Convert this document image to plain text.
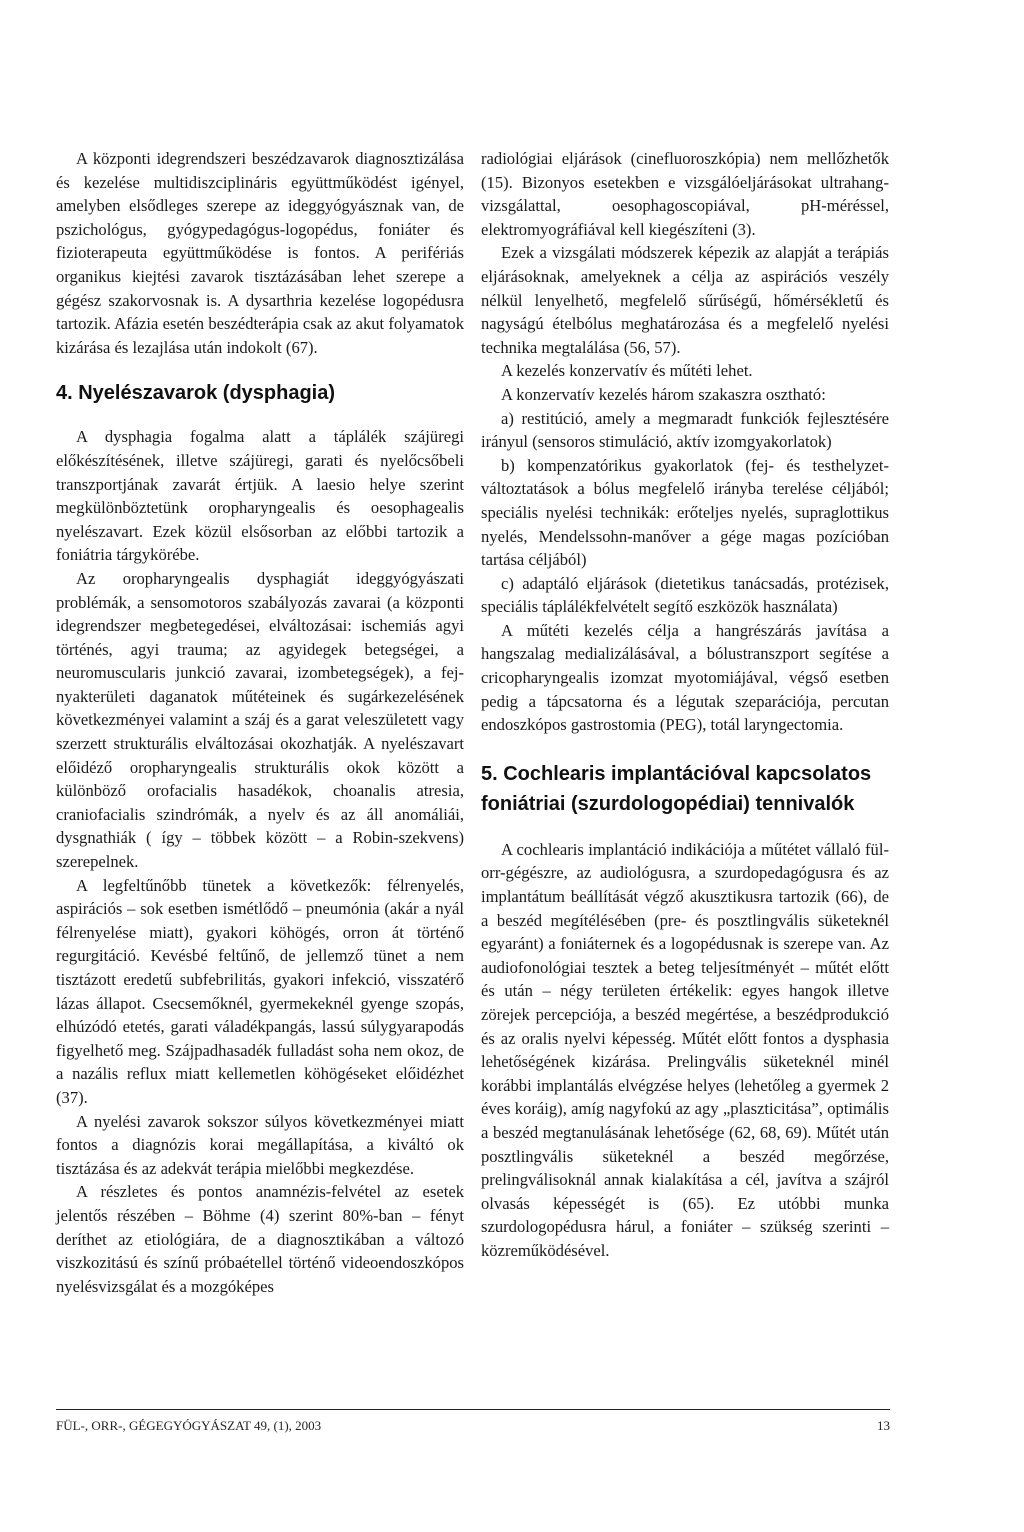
A központi idegrendszeri beszédzavarok diagnosztizálása és kezelése multidiszciplináris együttműködést igényel, amelyben elsődleges szerepe az ideggyógyásznak van, de pszichológus, gyógypedagógus-logopédus, foniáter és fizioterapeuta együttműködése is fontos. A perifériás organikus kiejtési zavarok tisztázásában lehet szerepe a gégész szakorvosnak is. A dysarthria kezelése logopédusra tartozik. Afázia esetén beszédterápia csak az akut folyamatok kizárása és lezajlása után indokolt (67).

4. Nyelészavarok (dysphagia)

A dysphagia fogalma alatt a táplálék szájüregi előkészítésének, illetve szájüregi, garati és nyelőcsőbeli transzportjának zavarát értjük. A laesio helye szerint megkülönböztetünk oropharyngealis és oesophagealis nyelészavart. Ezek közül elsősorban az előbbi tartozik a foniátria tárgykörébe.

Az oropharyngealis dysphagiát ideggyógyászati problémák, a sensomotoros szabályozás zavarai (a központi idegrendszer megbetegedései, elváltozásai: ischemiás agyi történés, agyi trauma; az agyidegek betegségei, a neuromuscularis junkció zavarai, izombetegségek), a fej-nyakterületi daganatok műtéteinek és sugárkezelésének következményei valamint a száj és a garat veleszületett vagy szerzett strukturális elváltozásai okozhatják. A nyelészavart előidéző oropharyngealis strukturális okok között a különböző orofacialis hasadékok, choanalis atresia, craniofacialis szindrómák, a nyelv és az áll anomáliái, dysgnathiák ( így – többek között – a Robin-szekvens) szerepelnek.

A legfeltűnőbb tünetek a következők: félrenyelés, aspirációs – sok esetben ismétlődő – pneumónia (akár a nyál félrenyelése miatt), gyakori köhögés, orron át történő regurgitáció. Kevésbé feltűnő, de jellemző tünet a nem tisztázott eredetű subfebrilitás, gyakori infekció, visszatérő lázas állapot. Csecsemőknél, gyermekeknél gyenge szopás, elhúzódó etetés, garati váladékpangás, lassú súlygyarapodás figyelhető meg. Szájpadhasadék fulladást soha nem okoz, de a nazális reflux miatt kellemetlen köhögéseket előidézhet (37).

A nyelési zavarok sokszor súlyos következményei miatt fontos a diagnózis korai megállapítása, a kiváltó ok tisztázása és az adekvát terápia mielőbbi megkezdése.

A részletes és pontos anamnézis-felvétel az esetek jelentős részében – Böhme (4) szerint 80%-ban – fényt deríthet az etiológiára, de a diagnosztikában a változó viszkozitású és színű próbaétellel történő videoendoszkópos nyelésvizsgálat és a mozgóképes

radiológiai eljárások (cinefluoroszkópia) nem mellőzhetők (15). Bizonyos esetekben e vizsgálóeljárásokat ultrahang-vizsgálattal, oesophagoscopiával, pH-méréssel, elektromyográfiával kell kiegészíteni (3).

Ezek a vizsgálati módszerek képezik az alapját a terápiás eljárásoknak, amelyeknek a célja az aspirációs veszély nélkül lenyelhető, megfelelő sűrűségű, hőmérsékletű és nagyságú ételbólus meghatározása és a megfelelő nyelési technika megtalálása (56, 57).

A kezelés konzervatív és műtéti lehet.

A konzervatív kezelés három szakaszra osztható:

a) restitúció, amely a megmaradt funkciók fejlesztésére irányul (sensoros stimuláció, aktív izomgyakorlatok)

b) kompenzatórikus gyakorlatok (fej- és testhelyzet-változtatások a bólus megfelelő irányba terelése céljából; speciális nyelési technikák: erőteljes nyelés, supraglottikus nyelés, Mendelssohn-manőver a gége magas pozícióban tartása céljából)

c) adaptáló eljárások (dietetikus tanácsadás, protézisek, speciális táplálékfelvételt segítő eszközök használata)

A műtéti kezelés célja a hangrészárás javítása a hangszalag medializálásával, a bólustranszport segítése a cricopharyngealis izomzat myotomiájával, végső esetben pedig a tápcsatorna és a légutak szeparációja, percutan endoszkópos gastrostomia (PEG), totál laryngectomia.

5. Cochlearis implantációval kapcsolatos foniátriai (szurdologopédiai) tennivalók

A cochlearis implantáció indikációja a műtétet vállaló fül-orr-gégészre, az audiológusra, a szurdopedagógusra és az implantátum beállítását végző akusztikusra tartozik (66), de a beszéd megítélésében (pre- és posztlingvális süketeknél egyaránt) a foniáternek és a logopédusnak is szerepe van. Az audiofonológiai tesztek a beteg teljesítményét – műtét előtt és után – négy területen értékelik: egyes hangok illetve zörejek percepciója, a beszéd megértése, a beszédprodukció és az oralis nyelvi képesség. Műtét előtt fontos a dysphasia lehetőségének kizárása. Prelingvális süketeknél minél korábbi implantálás elvégzése helyes (lehetőleg a gyermek 2 éves koráig), amíg nagyfokú az agy „plaszticitása”, optimális a beszéd megtanulásának lehetősége (62, 68, 69). Műtét után posztlingvális süketeknél a beszéd megőrzése, prelingválisoknál annak kialakítása a cél, javítva a szájról olvasás képességét is (65). Ez utóbbi munka szurdologopédusra hárul, a foniáter – szükség szerinti – közreműködésével.

FÜL-, ORR-, GÉGEGYÓGYÁSZAT 49, (1), 2003	13
